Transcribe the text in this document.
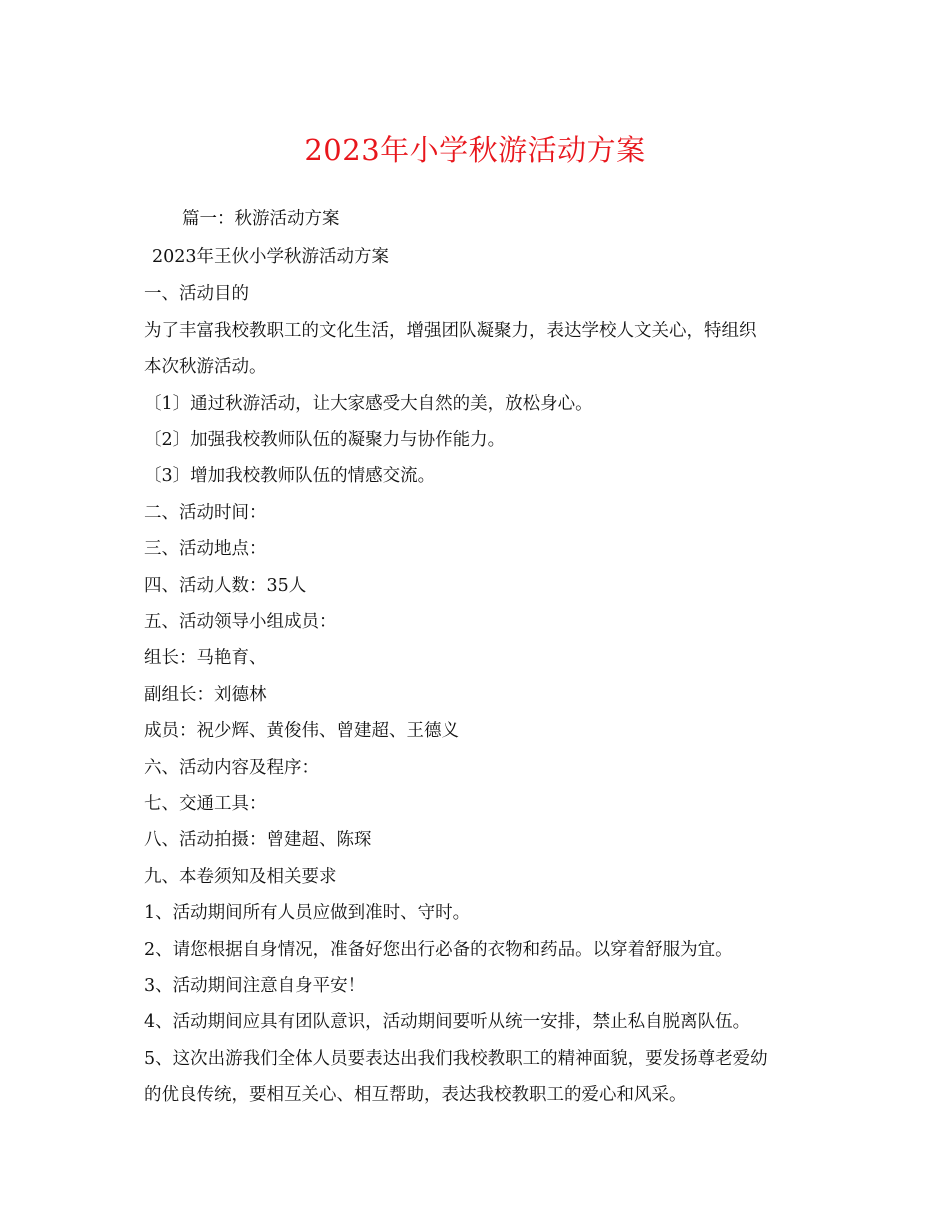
2023年小学秋游活动方案
篇一：秋游活动方案
2023年王伙小学秋游活动方案
一、活动目的
为了丰富我校教职工的文化生活，增强团队凝聚力，表达学校人文关心，特组织
本次秋游活动。
〔1〕通过秋游活动，让大家感受大自然的美，放松身心。
〔2〕加强我校教师队伍的凝聚力与协作能力。
〔3〕增加我校教师队伍的情感交流。
二、活动时间：
三、活动地点：
四、活动人数：35人
五、活动领导小组成员：
组长：马艳育、
副组长：刘德林
成员：祝少辉、黄俊伟、曾建超、王德义
六、活动内容及程序：
七、交通工具：
八、活动拍摄：曾建超、陈琛
九、本卷须知及相关要求
1、活动期间所有人员应做到准时、守时。
2、请您根据自身情况，准备好您出行必备的衣物和药品。以穿着舒服为宜。
3、活动期间注意自身平安！
4、活动期间应具有团队意识，活动期间要听从统一安排，禁止私自脱离队伍。
5、这次出游我们全体人员要表达出我们我校教职工的精神面貌，要发扬尊老爱幼
的优良传统，要相互关心、相互帮助，表达我校教职工的爱心和风采。
